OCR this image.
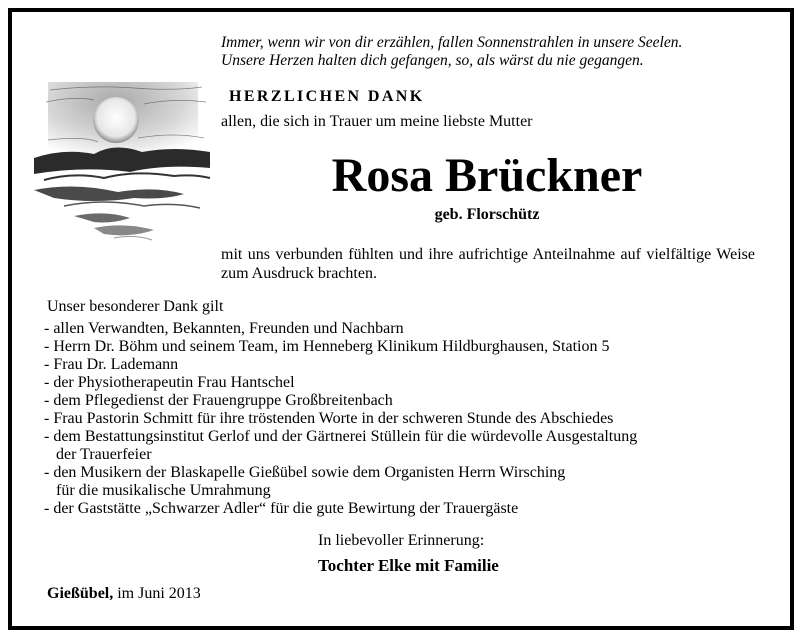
Immer, wenn wir von dir erzählen, fallen Sonnenstrahlen in unsere Seelen.
Unsere Herzen halten dich gefangen, so, als wärst du nie gegangen.
HERZLICHEN DANK
allen, die sich in Trauer um meine liebste Mutter
Rosa Brückner
geb. Florschütz
mit uns verbunden fühlten und ihre aufrichtige Anteilnahme auf vielfältige Weise zum Ausdruck brachten.
Unser besonderer Dank gilt
- allen Verwandten, Bekannten, Freunden und Nachbarn
- Herrn Dr. Böhm und seinem Team, im Henneberg Klinikum Hildburghausen, Station 5
- Frau Dr. Lademann
- der Physiotherapeutin Frau Hantschel
- dem Pflegedienst der Frauengruppe Großbreitenbach
- Frau Pastorin Schmitt für ihre tröstenden Worte in der schweren Stunde des Abschiedes
- dem Bestattungsinstitut Gerlof und der Gärtnerei Stüllein für die würdevolle Ausgestaltung
der Trauerfeier
- den Musikern der Blaskapelle Gießübel sowie dem Organisten Herrn Wirsching
für die musikalische Umrahmung
- der Gaststätte „Schwarzer Adler“ für die gute Bewirtung der Trauergäste
In liebevoller Erinnerung:
Tochter Elke mit Familie
Gießübel, im Juni 2013
